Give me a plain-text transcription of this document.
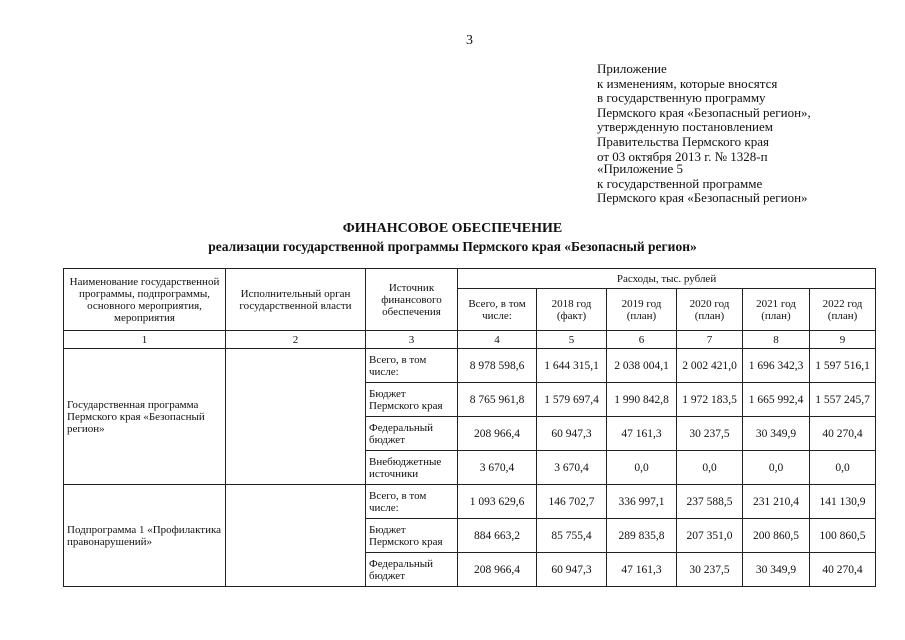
3
Приложение
к изменениям, которые вносятся
в государственную программу
Пермского края «Безопасный регион»,
утвержденную постановлением
Правительства Пермского края
от 03 октября 2013 г. № 1328-п
«Приложение 5
к государственной программе
Пермского края «Безопасный регион»
ФИНАНСОВОЕ ОБЕСПЕЧЕНИЕ
реализации государственной программы Пермского края «Безопасный регион»
Наименование государственной программы, подпрограммы, основного мероприятия, мероприятия	Исполнительный орган государственной власти	Источник финансового обеспечения	Расходы, тыс. рублей					
			Всего, в том числе:	2018 год (факт)	2019 год (план)	2020 год (план)	2021 год (план)	2022 год (план)
1	2	3	4	5	6	7	8	9
Государственная программа Пермского края «Безопасный регион»		Всего, в том числе:	8 978 598,6	1 644 315,1	2 038 004,1	2 002 421,0	1 696 342,3	1 597 516,1
		Бюджет Пермского края	8 765 961,8	1 579 697,4	1 990 842,8	1 972 183,5	1 665 992,4	1 557 245,7
		Федеральный бюджет	208 966,4	60 947,3	47 161,3	30 237,5	30 349,9	40 270,4
		Внебюджетные источники	3 670,4	3 670,4	0,0	0,0	0,0	0,0
Подпрограмма 1 «Профилактика правонарушений»		Всего, в том числе:	1 093 629,6	146 702,7	336 997,1	237 588,5	231 210,4	141 130,9
		Бюджет Пермского края	884 663,2	85 755,4	289 835,8	207 351,0	200 860,5	100 860,5
		Федеральный бюджет	208 966,4	60 947,3	47 161,3	30 237,5	30 349,9	40 270,4
